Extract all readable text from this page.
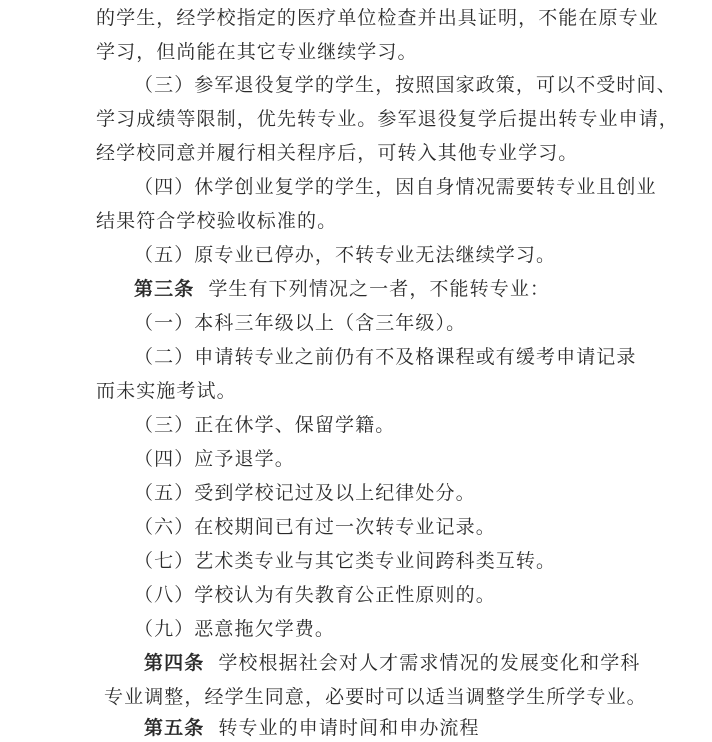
的学生，经学校指定的医疗单位检查并出具证明，不能在原专业
学习，但尚能在其它专业继续学习。
（三）参军退役复学的学生，按照国家政策，可以不受时间、
学习成绩等限制，优先转专业。参军退役复学后提出转专业申请，
经学校同意并履行相关程序后，可转入其他专业学习。
（四）休学创业复学的学生，因自身情况需要转专业且创业
结果符合学校验收标准的。
（五）原专业已停办，不转专业无法继续学习。
第三条 学生有下列情况之一者，不能转专业：
（一）本科三年级以上（含三年级）。
（二）申请转专业之前仍有不及格课程或有缓考申请记录
而未实施考试。
（三）正在休学、保留学籍。
（四）应予退学。
（五）受到学校记过及以上纪律处分。
（六）在校期间已有过一次转专业记录。
（七）艺术类专业与其它类专业间跨科类互转。
（八）学校认为有失教育公正性原则的。
（九）恶意拖欠学费。
第四条 学校根据社会对人才需求情况的发展变化和学科
专业调整，经学生同意，必要时可以适当调整学生所学专业。
第五条 转专业的申请时间和申办流程
